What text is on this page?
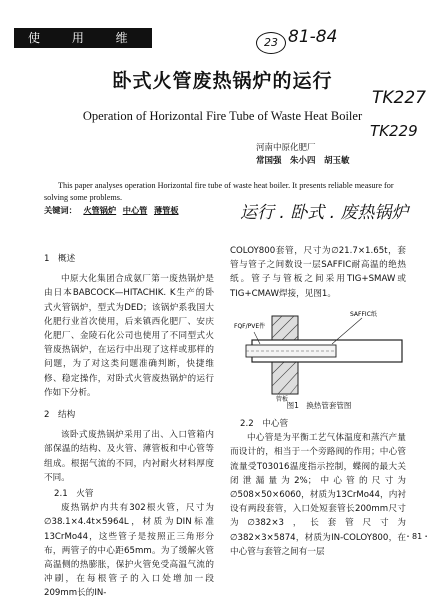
使 用 维 修
23 81-84
TK227
TK229
运行 . 卧式 . 废热锅炉
卧式火管废热锅炉的运行
Operation of Horizontal Fire Tube of Waste Heat Boiler
河南中原化肥厂
常国强　朱小四　胡玉敏
This paper analyses operation Horizontal fire tube of waste heat boiler. It presents reliable measure for solving some problems.
关键词： 火管锅炉 中心管 薄管板
1　概述

中原大化集团合成氨厂第一废热锅炉是由日本BABCOCK—HITACHIK. K生产的卧式火管锅炉，型式为DED；该锅炉系我国大化肥行业首次使用，后来镇西化肥厂、安庆化肥厂、金陵石化公司也使用了不同型式火管废热锅炉，在运行中出现了这样或那样的问题，为了对这类问题准确判断，快捷维修、稳定操作，对卧式火管废热锅炉的运行作如下分析。

2　结构

该卧式废热锅炉采用了出、入口管箱内部保温的结构、及火管、薄管板和中心管等组成。根据气流的不同，内衬耐火材料厚度不同。

2.1　火管

废热锅炉内共有302根火管，尺寸为∅38.1×4.4t×5964L，材质为DIN标准13CrMo44，这些管子是按照正三角形分布，两管子的中心距65mm。为了缓解火管高温侧的热膨胀，保护火管免受高温气流的冲刷，在每根管子的入口处增加一段209mm长的IN-

COLOY800套管，尺寸为∅21.7×1.65t，套管与管子之间数设一层SAFFIC耐高温的绝热纸。管子与管板之间采用TIG+SMAW或TIG+CMAW焊接，见图1。

SAFFIC纸
FQF/PVE件
管板
图1　换热管套管图
2.2　中心管

中心管是为平衡工艺气体温度和蒸汽产量而设计的，相当于一个旁路阀的作用；中心管流量受T03016温度指示控制，蝶阀的最大关闭泄漏量为2%；中心管的尺寸为∅508×50×6060，材质为13CrMo44，内衬设有两段套管，入口处短套管长200mm尺寸为∅382×3，长套管尺寸为∅382×3×5874，材质为IN-COLOY800，在中心管与套管之间有一层

・81・
